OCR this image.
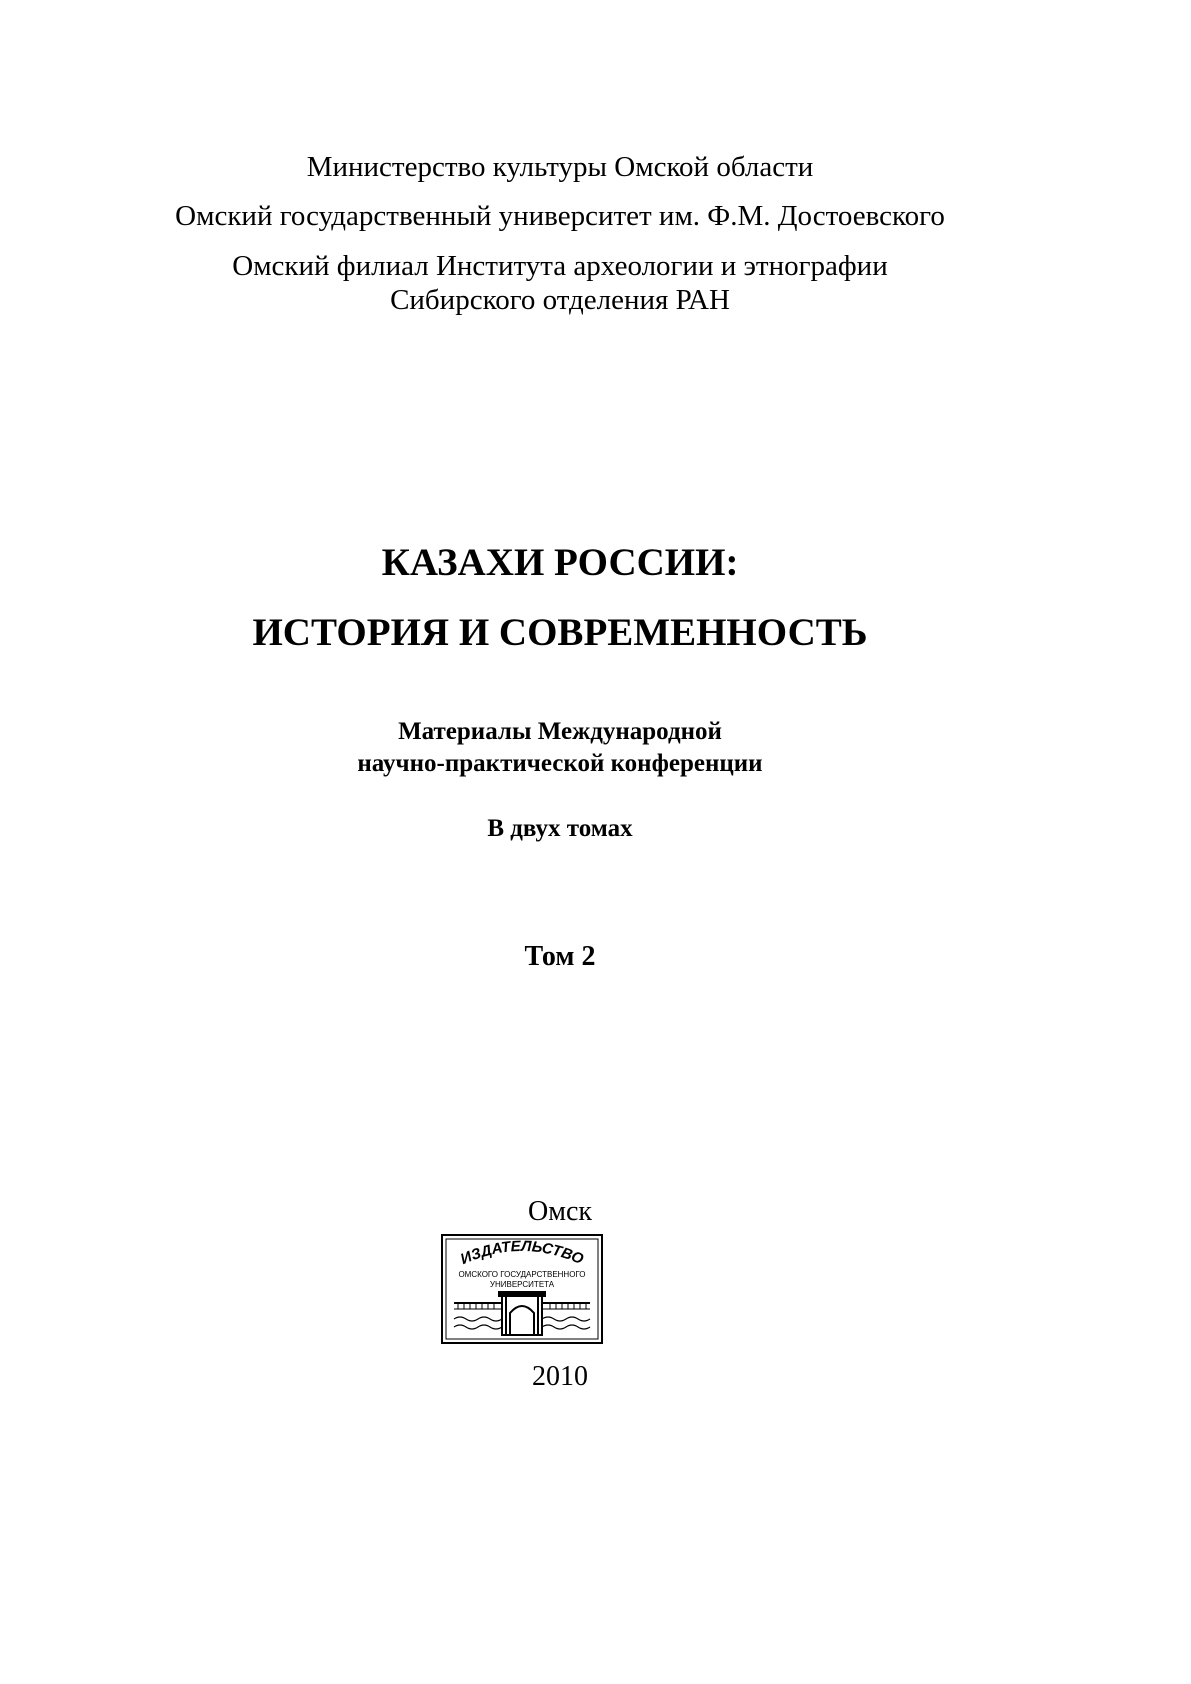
Министерство культуры Омской области
Омский государственный университет им. Ф.М. Достоевского
Омский филиал Института археологии и этнографии
Сибирского отделения РАН
КАЗАХИ РОССИИ:
ИСТОРИЯ И СОВРЕМЕННОСТЬ
Материалы Международной
научно-практической конференции
В двух томах
Том 2
Омск
ИЗДАТЕЛЬСТВО
ОМСКОГО ГОСУДАРСТВЕННОГО
УНИВЕРСИТЕТА
2010
